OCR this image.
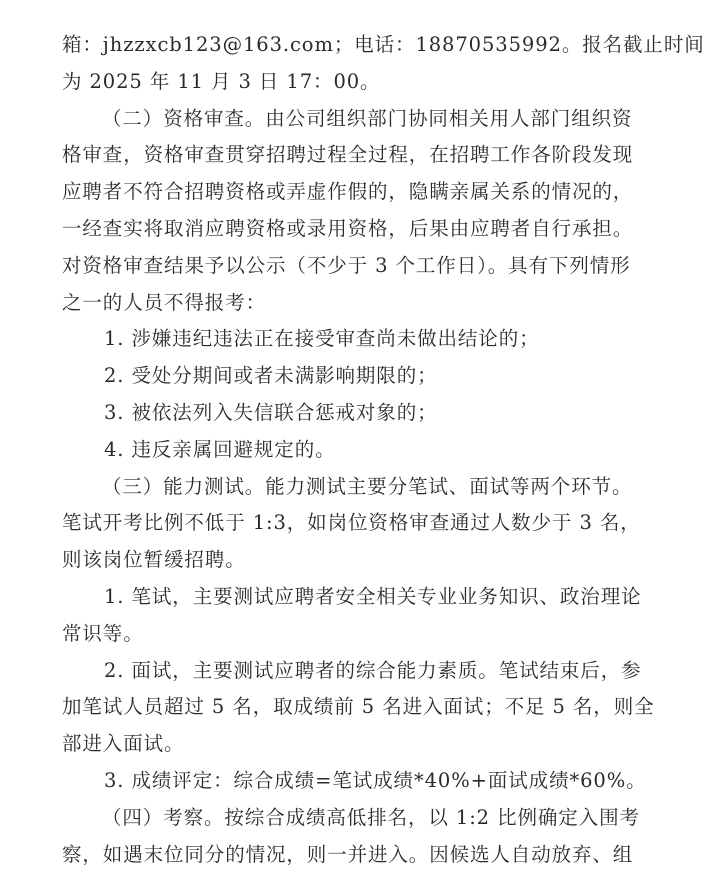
箱：jhzzxcb123@163.com；电话：18870535992。报名截止时间
为 2025 年 11 月 3 日 17：00。
（二）资格审查。由公司组织部门协同相关用人部门组织资
格审查，资格审查贯穿招聘过程全过程，在招聘工作各阶段发现
应聘者不符合招聘资格或弄虚作假的，隐瞒亲属关系的情况的，
一经查实将取消应聘资格或录用资格，后果由应聘者自行承担。
对资格审查结果予以公示（不少于 3 个工作日）。具有下列情形
之一的人员不得报考：
1. 涉嫌违纪违法正在接受审查尚未做出结论的；
2. 受处分期间或者未满影响期限的；
3. 被依法列入失信联合惩戒对象的；
4. 违反亲属回避规定的。
（三）能力测试。能力测试主要分笔试、面试等两个环节。
笔试开考比例不低于 1:3，如岗位资格审查通过人数少于 3 名，
则该岗位暂缓招聘。
1. 笔试，主要测试应聘者安全相关专业业务知识、政治理论
常识等。
2. 面试，主要测试应聘者的综合能力素质。笔试结束后，参
加笔试人员超过 5 名，取成绩前 5 名进入面试；不足 5 名，则全
部进入面试。
3. 成绩评定：综合成绩=笔试成绩*40%+面试成绩*60%。
（四）考察。按综合成绩高低排名，以 1:2 比例确定入围考
察，如遇末位同分的情况，则一并进入。因候选人自动放弃、组
